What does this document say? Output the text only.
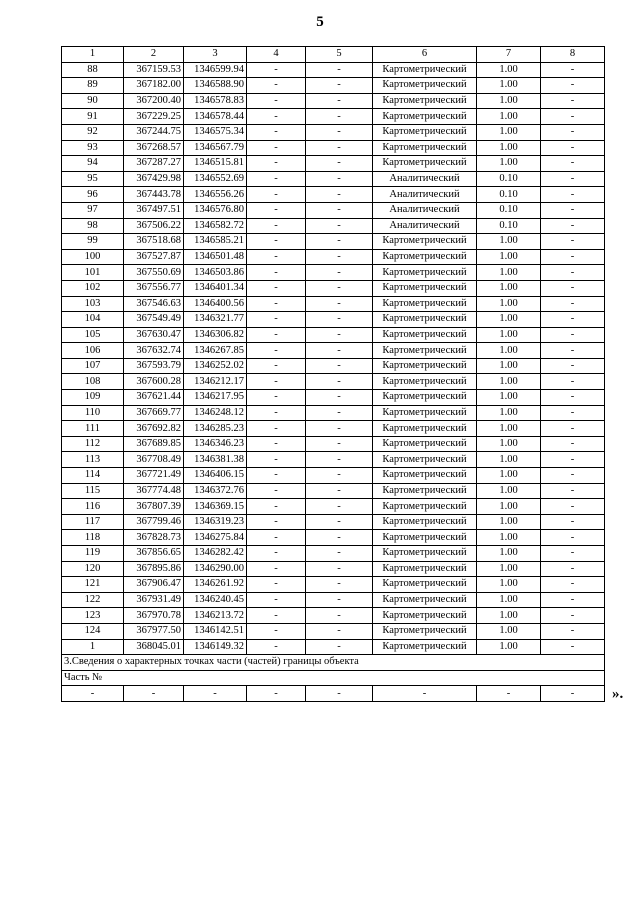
5
1	2	3	4	5	6	7	8
88	367159.53	1346599.94	-	-	Картометрический	1.00	-
89	367182.00	1346588.90	-	-	Картометрический	1.00	-
90	367200.40	1346578.83	-	-	Картометрический	1.00	-
91	367229.25	1346578.44	-	-	Картометрический	1.00	-
92	367244.75	1346575.34	-	-	Картометрический	1.00	-
93	367268.57	1346567.79	-	-	Картометрический	1.00	-
94	367287.27	1346515.81	-	-	Картометрический	1.00	-
95	367429.98	1346552.69	-	-	Аналитический	0.10	-
96	367443.78	1346556.26	-	-	Аналитический	0.10	-
97	367497.51	1346576.80	-	-	Аналитический	0.10	-
98	367506.22	1346582.72	-	-	Аналитический	0.10	-
99	367518.68	1346585.21	-	-	Картометрический	1.00	-
100	367527.87	1346501.48	-	-	Картометрический	1.00	-
101	367550.69	1346503.86	-	-	Картометрический	1.00	-
102	367556.77	1346401.34	-	-	Картометрический	1.00	-
103	367546.63	1346400.56	-	-	Картометрический	1.00	-
104	367549.49	1346321.77	-	-	Картометрический	1.00	-
105	367630.47	1346306.82	-	-	Картометрический	1.00	-
106	367632.74	1346267.85	-	-	Картометрический	1.00	-
107	367593.79	1346252.02	-	-	Картометрический	1.00	-
108	367600.28	1346212.17	-	-	Картометрический	1.00	-
109	367621.44	1346217.95	-	-	Картометрический	1.00	-
110	367669.77	1346248.12	-	-	Картометрический	1.00	-
111	367692.82	1346285.23	-	-	Картометрический	1.00	-
112	367689.85	1346346.23	-	-	Картометрический	1.00	-
113	367708.49	1346381.38	-	-	Картометрический	1.00	-
114	367721.49	1346406.15	-	-	Картометрический	1.00	-
115	367774.48	1346372.76	-	-	Картометрический	1.00	-
116	367807.39	1346369.15	-	-	Картометрический	1.00	-
117	367799.46	1346319.23	-	-	Картометрический	1.00	-
118	367828.73	1346275.84	-	-	Картометрический	1.00	-
119	367856.65	1346282.42	-	-	Картометрический	1.00	-
120	367895.86	1346290.00	-	-	Картометрический	1.00	-
121	367906.47	1346261.92	-	-	Картометрический	1.00	-
122	367931.49	1346240.45	-	-	Картометрический	1.00	-
123	367970.78	1346213.72	-	-	Картометрический	1.00	-
124	367977.50	1346142.51	-	-	Картометрический	1.00	-
1	368045.01	1346149.32	-	-	Картометрический	1.00	-
3.Сведения о характерных точках части (частей) границы объекта							
Часть №							
-	-	-	-	-	-	-	-	».
